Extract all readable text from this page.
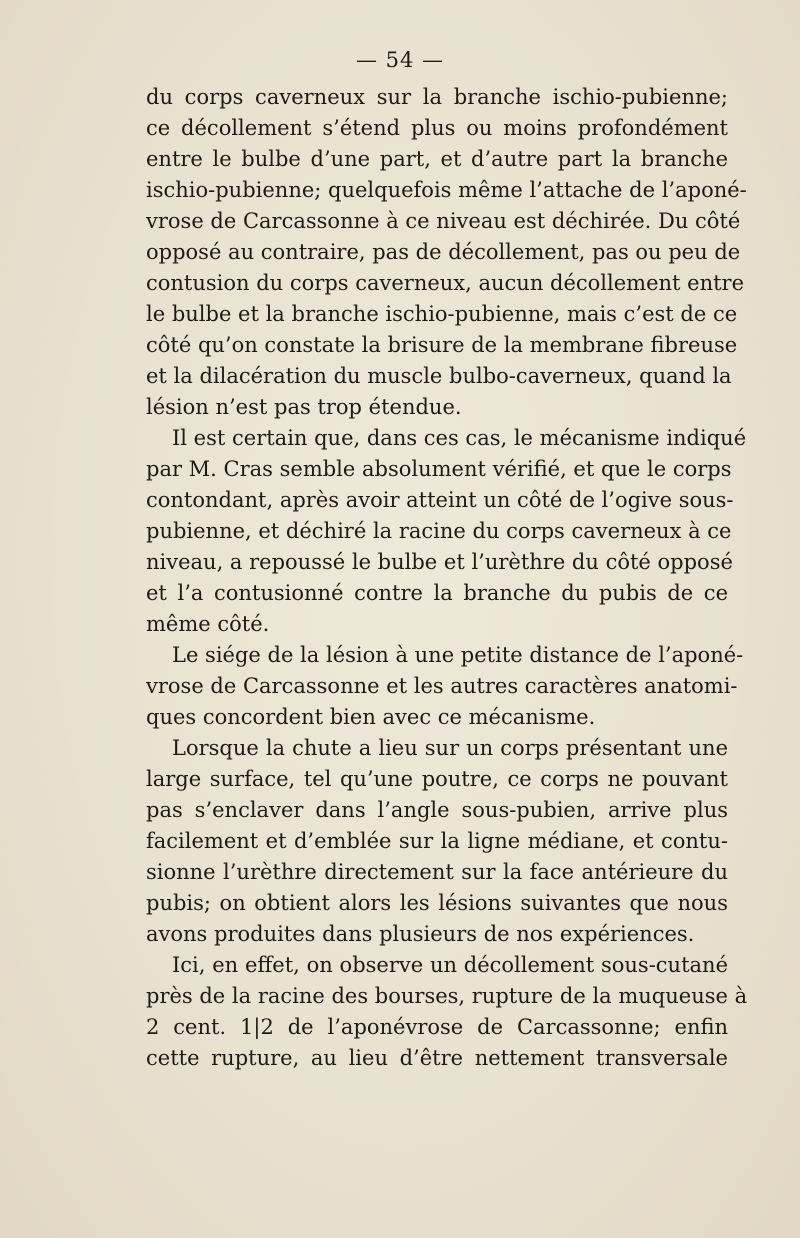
— 54 —
du corps caverneux sur la branche ischio-pubienne;
ce décollement s’étend plus ou moins profondément
entre le bulbe d’une part, et d’autre part la branche
ischio-pubienne; quelquefois même l’attache de l’aponé-
vrose de Carcassonne à ce niveau est déchirée. Du côté
opposé au contraire, pas de décollement, pas ou peu de
contusion du corps caverneux, aucun décollement entre
le bulbe et la branche ischio-pubienne, mais c’est de ce
côté qu’on constate la brisure de la membrane fibreuse
et la dilacération du muscle bulbo-caverneux, quand la
lésion n’est pas trop étendue.
Il est certain que, dans ces cas, le mécanisme indiqué
par M. Cras semble absolument vérifié, et que le corps
contondant, après avoir atteint un côté de l’ogive sous-
pubienne, et déchiré la racine du corps caverneux à ce
niveau, a repoussé le bulbe et l’urèthre du côté opposé
et l’a contusionné contre la branche du pubis de ce
même côté.
Le siége de la lésion à une petite distance de l’aponé-
vrose de Carcassonne et les autres caractères anatomi-
ques concordent bien avec ce mécanisme.
Lorsque la chute a lieu sur un corps présentant une
large surface, tel qu’une poutre, ce corps ne pouvant
pas s’enclaver dans l’angle sous-pubien, arrive plus
facilement et d’emblée sur la ligne médiane, et contu-
sionne l’urèthre directement sur la face antérieure du
pubis; on obtient alors les lésions suivantes que nous
avons produites dans plusieurs de nos expériences.
Ici, en effet, on observe un décollement sous-cutané
près de la racine des bourses, rupture de la muqueuse à
2 cent. 1|2 de l’aponévrose de Carcassonne; enfin
cette rupture, au lieu d’être nettement transversale
